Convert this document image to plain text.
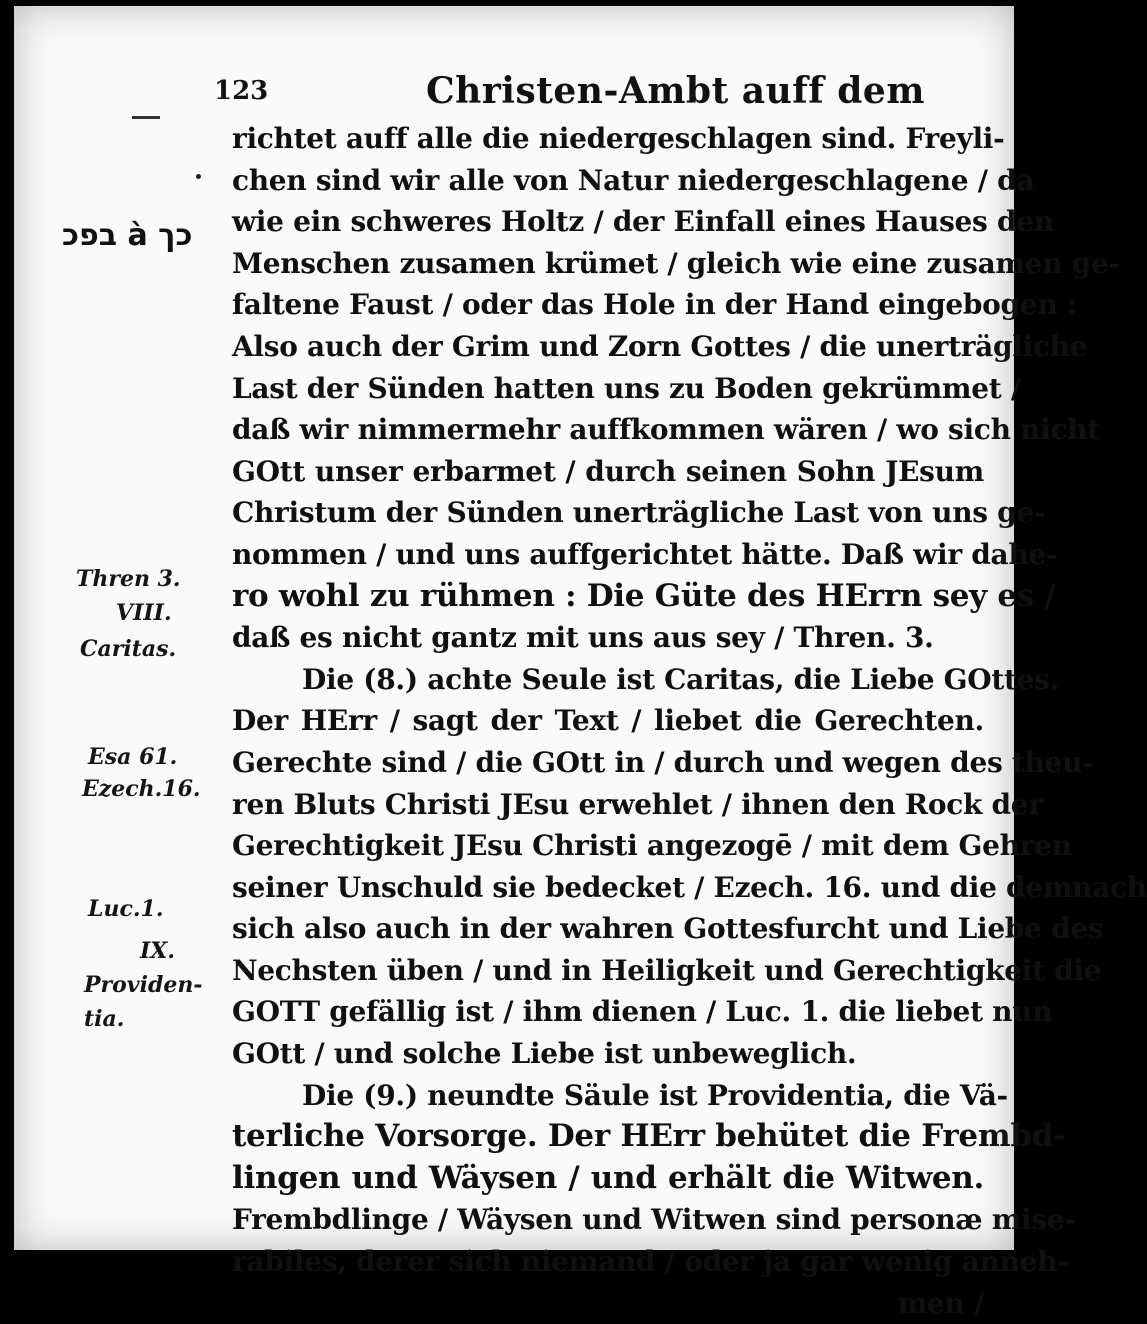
123	Christen-Ambt auff dem
כך à בפכ
Thren 3.
VIII.
Caritas.
Esa 61.
Ezech.16.
Luc.1.
IX.
Providen-
tia.
richtet auff alle die niedergeschlagen sind. Freyli-
chen sind wir alle von Natur niedergeschlagene / da
wie ein schweres Holtz / der Einfall eines Hauses den
Menschen zusamen krümet / gleich wie eine zusamen ge-
faltene Faust / oder das Hole in der Hand eingebogen :
Also auch der Grim und Zorn Gottes / die unerträgliche
Last der Sünden hatten uns zu Boden gekrümmet /
daß wir nimmermehr auffkommen wären / wo sich nicht
GOtt unser erbarmet / durch seinen Sohn JEsum
Christum der Sünden unerträgliche Last von uns ge-
nommen / und uns auffgerichtet hätte. Daß wir dahe-
ro wohl zu rühmen : Die Güte des HErrn sey es /
daß es nicht gantz mit uns aus sey / Thren. 3.
Die (8.) achte Seule ist Caritas, die Liebe GOttes.
Der HErr / sagt der Text / liebet die Gerechten.
Gerechte sind / die GOtt in / durch und wegen des theu-
ren Bluts Christi JEsu erwehlet / ihnen den Rock der
Gerechtigkeit JEsu Christi angezogē / mit dem Gehren
seiner Unschuld sie bedecket / Ezech. 16. und die demnach
sich also auch in der wahren Gottesfurcht und Liebe des
Nechsten üben / und in Heiligkeit und Gerechtigkeit die
GOTT gefällig ist / ihm dienen / Luc. 1. die liebet nun
GOtt / und solche Liebe ist unbeweglich.
Die (9.) neundte Säule ist Providentia, die Vä-
terliche Vorsorge. Der HErr behütet die Frembd-
lingen und Wäysen / und erhält die Witwen.
Frembdlinge / Wäysen und Witwen sind personæ mise-
rabiles, derer sich niemand / oder ja gar wenig anneh-
men /
